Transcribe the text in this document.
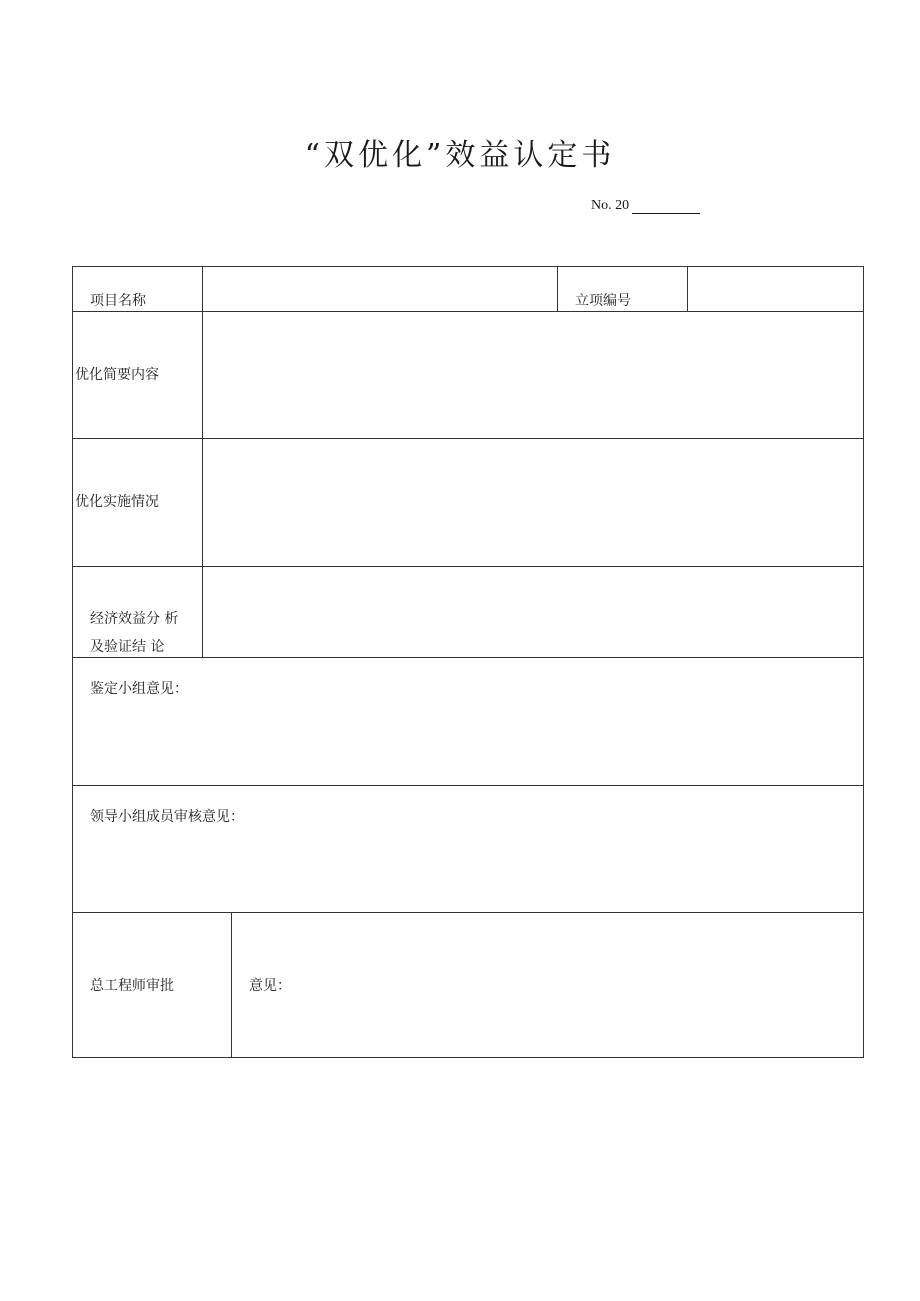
“双优化”效益认定书
No. 20
项目名称	立项编号
优化简要内容
优化实施情况
经济效益分 析
及验证结 论
鉴定小组意见：
领导小组成员审核意见：
总工程师审批	意见：
